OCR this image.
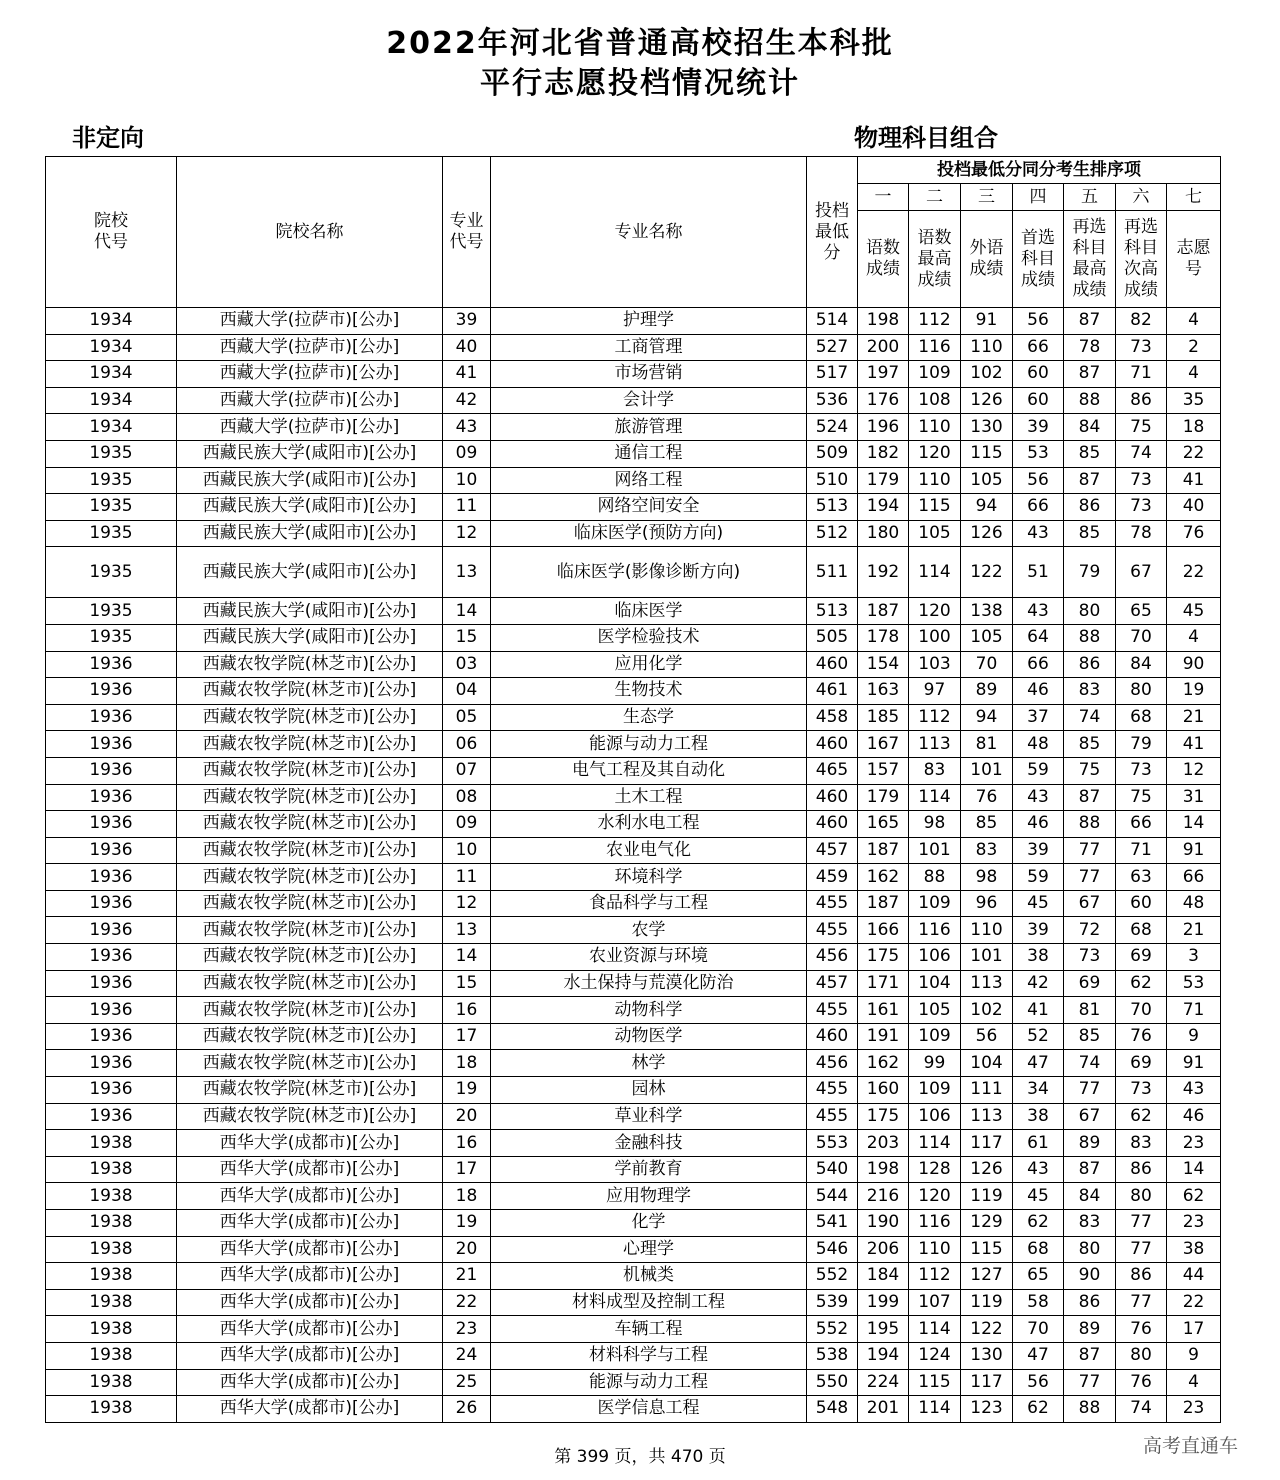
2022年河北省普通高校招生本科批
平行志愿投档情况统计
非定向	物理科目组合
院校代号	院校名称	专业代号	专业名称	投档最低分	投档最低分同分考生排序项						
					一	二	三	四	五	六	七
					语数成绩	语数最高成绩	外语成绩	首选科目成绩	再选科目最高成绩	再选科目次高成绩	志愿号
1934	西藏大学(拉萨市)[公办]	39	护理学	514	198	112	91	56	87	82	4
1934	西藏大学(拉萨市)[公办]	40	工商管理	527	200	116	110	66	78	73	2
1934	西藏大学(拉萨市)[公办]	41	市场营销	517	197	109	102	60	87	71	4
1934	西藏大学(拉萨市)[公办]	42	会计学	536	176	108	126	60	88	86	35
1934	西藏大学(拉萨市)[公办]	43	旅游管理	524	196	110	130	39	84	75	18
1935	西藏民族大学(咸阳市)[公办]	09	通信工程	509	182	120	115	53	85	74	22
1935	西藏民族大学(咸阳市)[公办]	10	网络工程	510	179	110	105	56	87	73	41
1935	西藏民族大学(咸阳市)[公办]	11	网络空间安全	513	194	115	94	66	86	73	40
1935	西藏民族大学(咸阳市)[公办]	12	临床医学(预防方向)	512	180	105	126	43	85	78	76
1935	西藏民族大学(咸阳市)[公办]	13	临床医学(影像诊断方向)	511	192	114	122	51	79	67	22
1935	西藏民族大学(咸阳市)[公办]	14	临床医学	513	187	120	138	43	80	65	45
1935	西藏民族大学(咸阳市)[公办]	15	医学检验技术	505	178	100	105	64	88	70	4
1936	西藏农牧学院(林芝市)[公办]	03	应用化学	460	154	103	70	66	86	84	90
1936	西藏农牧学院(林芝市)[公办]	04	生物技术	461	163	97	89	46	83	80	19
1936	西藏农牧学院(林芝市)[公办]	05	生态学	458	185	112	94	37	74	68	21
1936	西藏农牧学院(林芝市)[公办]	06	能源与动力工程	460	167	113	81	48	85	79	41
1936	西藏农牧学院(林芝市)[公办]	07	电气工程及其自动化	465	157	83	101	59	75	73	12
1936	西藏农牧学院(林芝市)[公办]	08	土木工程	460	179	114	76	43	87	75	31
1936	西藏农牧学院(林芝市)[公办]	09	水利水电工程	460	165	98	85	46	88	66	14
1936	西藏农牧学院(林芝市)[公办]	10	农业电气化	457	187	101	83	39	77	71	91
1936	西藏农牧学院(林芝市)[公办]	11	环境科学	459	162	88	98	59	77	63	66
1936	西藏农牧学院(林芝市)[公办]	12	食品科学与工程	455	187	109	96	45	67	60	48
1936	西藏农牧学院(林芝市)[公办]	13	农学	455	166	116	110	39	72	68	21
1936	西藏农牧学院(林芝市)[公办]	14	农业资源与环境	456	175	106	101	38	73	69	3
1936	西藏农牧学院(林芝市)[公办]	15	水土保持与荒漠化防治	457	171	104	113	42	69	62	53
1936	西藏农牧学院(林芝市)[公办]	16	动物科学	455	161	105	102	41	81	70	71
1936	西藏农牧学院(林芝市)[公办]	17	动物医学	460	191	109	56	52	85	76	9
1936	西藏农牧学院(林芝市)[公办]	18	林学	456	162	99	104	47	74	69	91
1936	西藏农牧学院(林芝市)[公办]	19	园林	455	160	109	111	34	77	73	43
1936	西藏农牧学院(林芝市)[公办]	20	草业科学	455	175	106	113	38	67	62	46
1938	西华大学(成都市)[公办]	16	金融科技	553	203	114	117	61	89	83	23
1938	西华大学(成都市)[公办]	17	学前教育	540	198	128	126	43	87	86	14
1938	西华大学(成都市)[公办]	18	应用物理学	544	216	120	119	45	84	80	62
1938	西华大学(成都市)[公办]	19	化学	541	190	116	129	62	83	77	23
1938	西华大学(成都市)[公办]	20	心理学	546	206	110	115	68	80	77	38
1938	西华大学(成都市)[公办]	21	机械类	552	184	112	127	65	90	86	44
1938	西华大学(成都市)[公办]	22	材料成型及控制工程	539	199	107	119	58	86	77	22
1938	西华大学(成都市)[公办]	23	车辆工程	552	195	114	122	70	89	76	17
1938	西华大学(成都市)[公办]	24	材料科学与工程	538	194	124	130	47	87	80	9
1938	西华大学(成都市)[公办]	25	能源与动力工程	550	224	115	117	56	77	76	4
1938	西华大学(成都市)[公办]	26	医学信息工程	548	201	114	123	62	88	74	23
第 399 页，共 470 页	高考直通车
